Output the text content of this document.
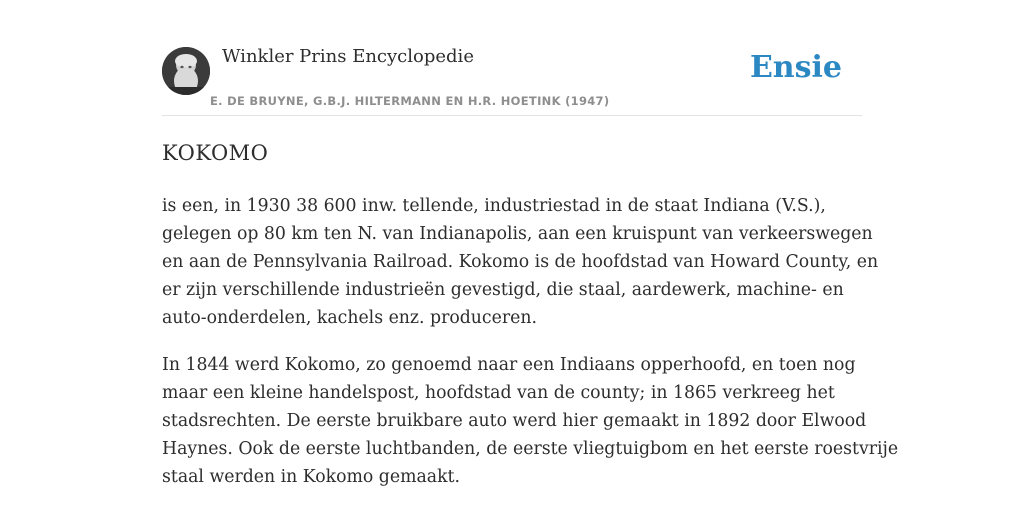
Winkler Prins Encyclopedie
E. DE BRUYNE, G.B.J. HILTERMANN EN H.R. HOETINK (1947)
Ensie
KOKOMO

is een, in 1930 38 600 inw. tellende, industriestad in de staat Indiana (V.S.),
gelegen op 80 km ten N. van Indianapolis, aan een kruispunt van verkeerswegen
en aan de Pennsylvania Railroad. Kokomo is de hoofdstad van Howard County, en
er zijn verschillende industrieën gevestigd, die staal, aardewerk, machine- en
auto-onderdelen, kachels enz. produceren.

In 1844 werd Kokomo, zo genoemd naar een Indiaans opperhoofd, en toen nog
maar een kleine handelspost, hoofdstad van de county; in 1865 verkreeg het
stadsrechten. De eerste bruikbare auto werd hier gemaakt in 1892 door Elwood
Haynes. Ook de eerste luchtbanden, de eerste vliegtuigbom en het eerste roestvrije
staal werden in Kokomo gemaakt.
